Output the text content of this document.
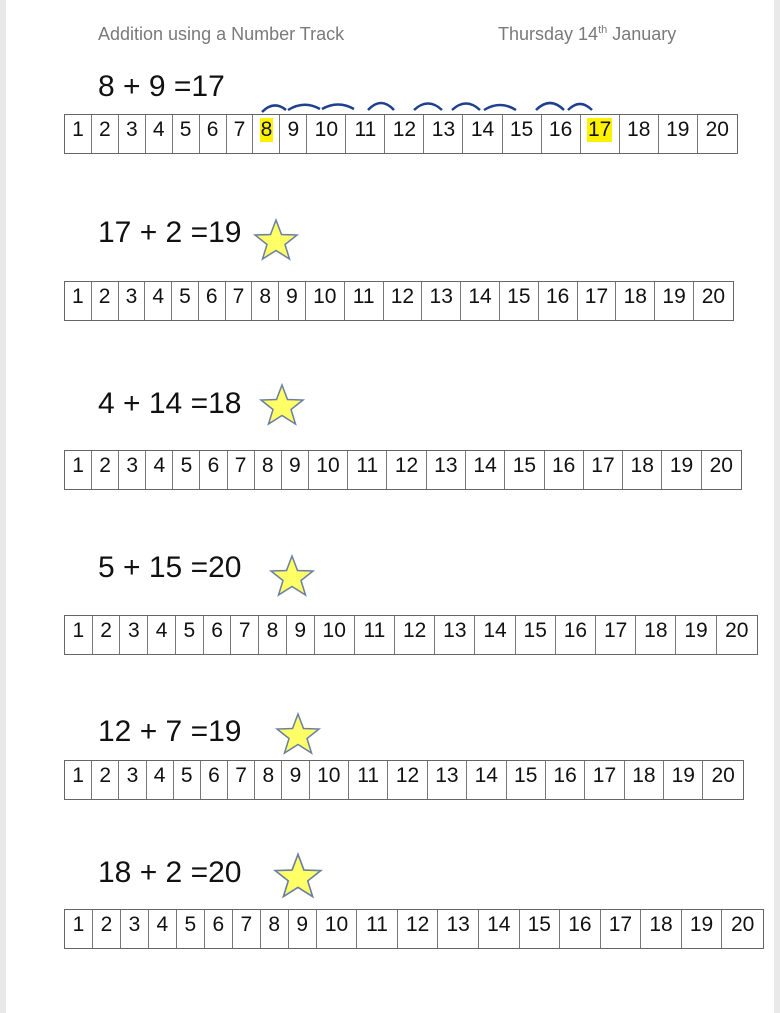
Addition using a Number Track	Thursday 14th January
8 + 9 =17
1 2 3 4 5 6 7 8 9 10 11 12 13 14 15 16 17 18 19 20
17 + 2 =19
1 2 3 4 5 6 7 8 9 10 11 12 13 14 15 16 17 18 19 20
4 + 14 =18
1 2 3 4 5 6 7 8 9 10 11 12 13 14 15 16 17 18 19 20
5 + 15 =20
1 2 3 4 5 6 7 8 9 10 11 12 13 14 15 16 17 18 19 20
12 + 7 =19
1 2 3 4 5 6 7 8 9 10 11 12 13 14 15 16 17 18 19 20
18 + 2 =20
1 2 3 4 5 6 7 8 9 10 11 12 13 14 15 16 17 18 19 20
